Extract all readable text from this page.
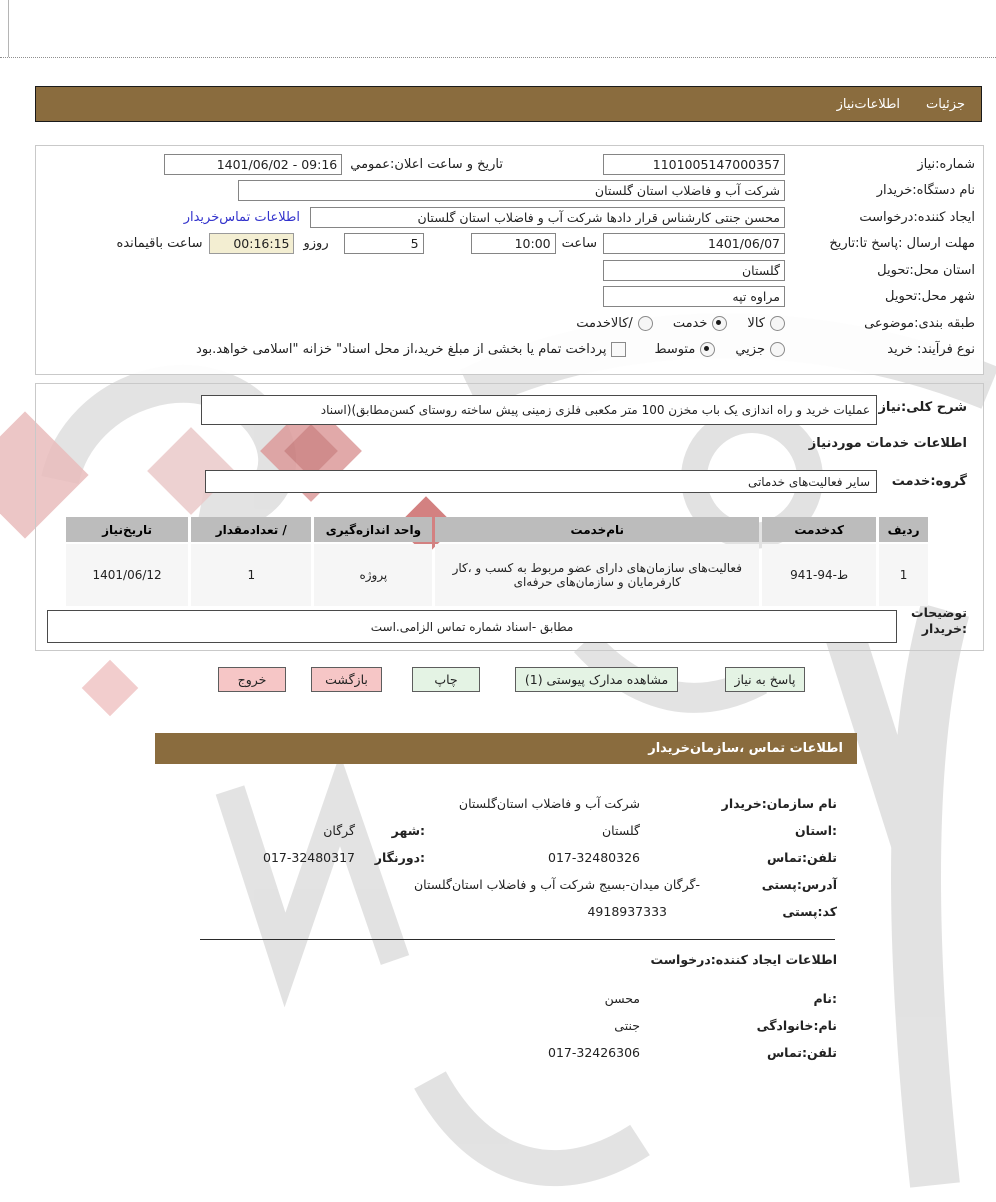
جزئیات
اطلاعات‌نیاز
شماره:نیاز
1101005147000357
تاریخ و ساعت اعلان:عمومي
1401/06/02 - 09:16
نام دستگاه:خریدار
شرکت آب و فاضلاب استان گلستان
ایجاد کننده:درخواست
محسن جنتی کارشناس قرار دادها شرکت آب و فاضلاب استان گلستان
اطلاعات تماس‌خریدار
مهلت ارسال :پاسخ تا:تاریخ
1401/06/07
ساعت
10:00
5
روزو
00:16:15
ساعت باقیمانده
استان محل:تحویل
گلستان
شهر محل:تحویل
مراوه تپه
طبقه بندی:موضوعی
کالا
خدمت
/کالاخدمت
نوع فرآیند: خرید
جزیي
متوسط
پرداخت تمام یا بخشی از مبلغ خرید،از محل اسناد" خزانه "اسلامی خواهد.بود
شرح کلی:نیاز
عملیات خرید و راه اندازی یک باب مخزن 100 متر مکعبی فلزی زمینی پیش ساخته روستای کسن‌مطابق)(اسناد
اطلاعات خدمات موردنیاز
گروه:خدمت
سایر فعالیت‌های خدماتی
ردیف	کدخدمت	نام‌خدمت	واحد اندازه‌گیری	/ تعدادمقدار	تاریخ‌نیاز
1	ط-94-941	فعالیت‌های سازمان‌های دارای عضو مربوط به کسب و ،کار کارفرمایان و سازمان‌های حرفه‌ای	پروژه	1	1401/06/12
توضیحات
:خریدار
مطابق -اسناد شماره تماس الزامی.است
پاسخ به نیاز
مشاهده مدارک پیوستی (1)
چاپ
بازگشت
خروج
اطلاعات تماس ،سازمان‌خریدار
نام سازمان:خریدار
شرکت آب و فاضلاب استان‌گلستان
:استان
گلستان
:شهر
گرگان
تلفن:تماس
017-32480326
:دورنگار
017-32480317
آدرس:پستی
-گرگان میدان-بسیج شرکت آب و فاضلاب استان‌گلستان
کد:پستی
4918937333
اطلاعات ایجاد کننده:درخواست
:نام
محسن
نام:خانوادگی
جنتی
تلفن:تماس
017-32426306
